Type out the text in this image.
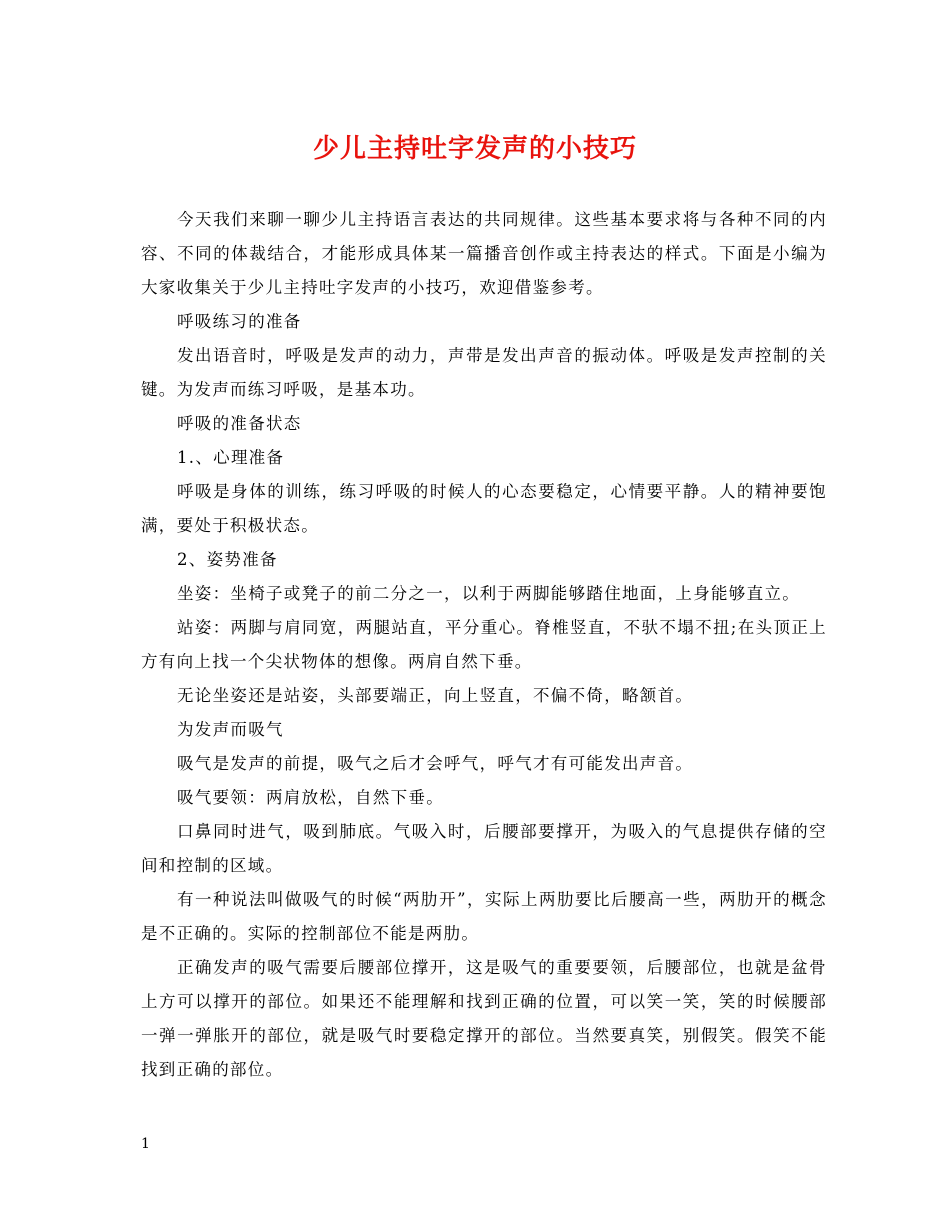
少儿主持吐字发声的小技巧

今天我们来聊一聊少儿主持语言表达的共同规律。这些基本要求将与各种不同的内容、不同的体裁结合，才能形成具体某一篇播音创作或主持表达的样式。下面是小编为大家收集关于少儿主持吐字发声的小技巧，欢迎借鉴参考。

呼吸练习的准备

发出语音时，呼吸是发声的动力，声带是发出声音的振动体。呼吸是发声控制的关键。为发声而练习呼吸，是基本功。

呼吸的准备状态

1.、心理准备

呼吸是身体的训练，练习呼吸的时候人的心态要稳定，心情要平静。人的精神要饱满，要处于积极状态。

2、姿势准备

坐姿：坐椅子或凳子的前二分之一，以利于两脚能够踏住地面，上身能够直立。

站姿：两脚与肩同宽，两腿站直，平分重心。脊椎竖直，不驮不塌不扭;在头顶正上方有向上找一个尖状物体的想像。两肩自然下垂。

无论坐姿还是站姿，头部要端正，向上竖直，不偏不倚，略颔首。

为发声而吸气

吸气是发声的前提，吸气之后才会呼气，呼气才有可能发出声音。

吸气要领：两肩放松，自然下垂。

口鼻同时进气，吸到肺底。气吸入时，后腰部要撑开，为吸入的气息提供存储的空间和控制的区域。

有一种说法叫做吸气的时候“两肋开”，实际上两肋要比后腰高一些，两肋开的概念是不正确的。实际的控制部位不能是两肋。

正确发声的吸气需要后腰部位撑开，这是吸气的重要要领，后腰部位，也就是盆骨上方可以撑开的部位。如果还不能理解和找到正确的位置，可以笑一笑，笑的时候腰部一弹一弹胀开的部位，就是吸气时要稳定撑开的部位。当然要真笑，别假笑。假笑不能找到正确的部位。

1
